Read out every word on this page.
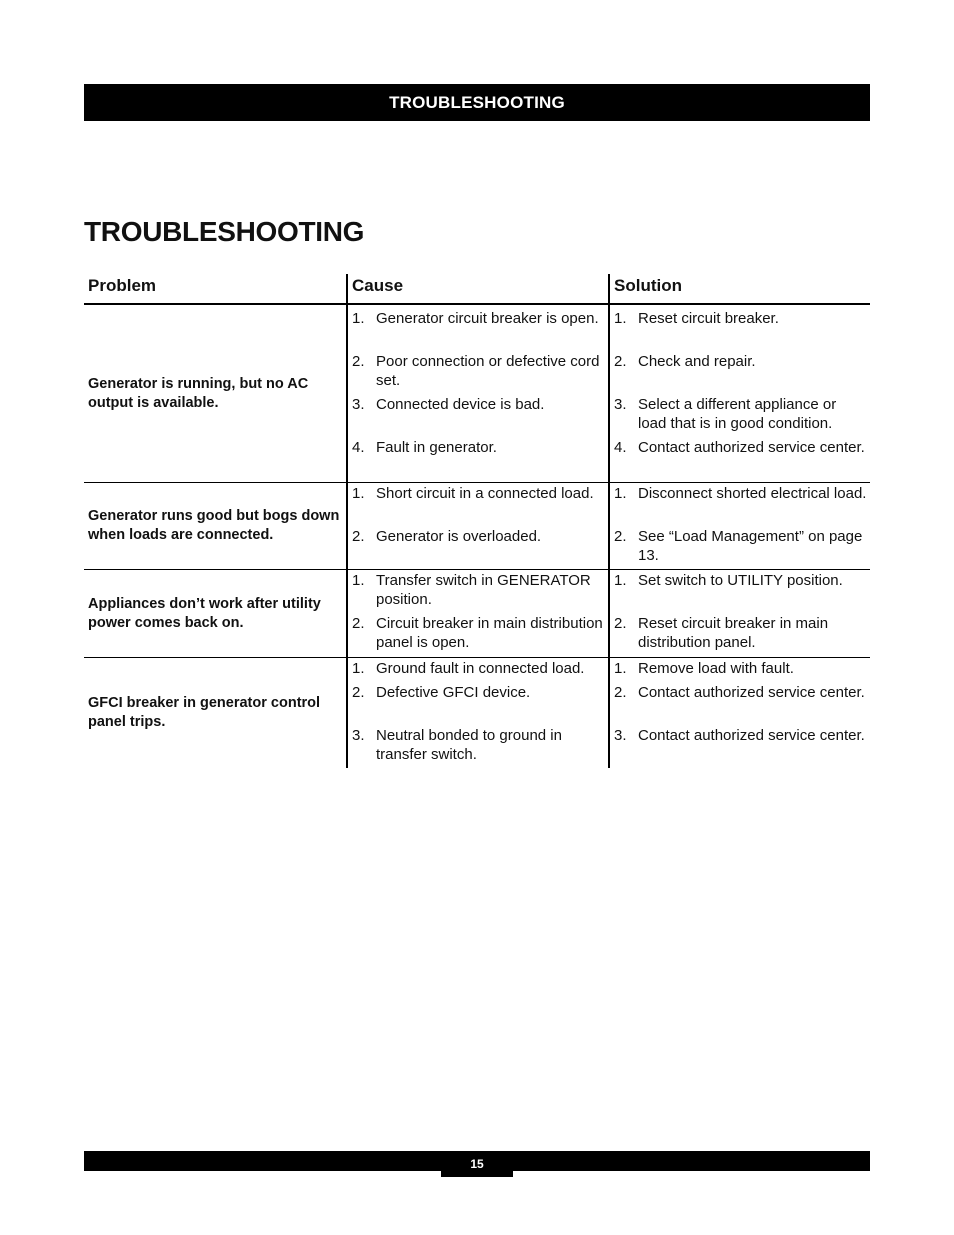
TROUBLESHOOTING
TROUBLESHOOTING
Problem	Cause	Solution
Generator is running, but no AC output is available.
1. Generator circuit breaker is open.
2. Poor connection or defective cord set.
3. Connected device is bad.
4. Fault in generator.
1. Reset circuit breaker.
2. Check and repair.
3. Select a different appliance or load that is in good condition.
4. Contact authorized service center.
Generator runs good but bogs down when loads are connected.
1. Short circuit in a connected load.
2. Generator is overloaded.
1. Disconnect shorted electrical load.
2. See “Load Management” on page 13.
Appliances don’t work after utility power comes back on.
1. Transfer switch in GENERATOR position.
2. Circuit breaker in main distribution panel is open.
1. Set switch to UTILITY position.
2. Reset circuit breaker in main distribution panel.
GFCI breaker in generator control panel trips.
1. Ground fault in connected load.
2. Defective GFCI device.
3. Neutral bonded to ground in transfer switch.
1. Remove load with fault.
2. Contact authorized service center.
3. Contact authorized service center.
15
